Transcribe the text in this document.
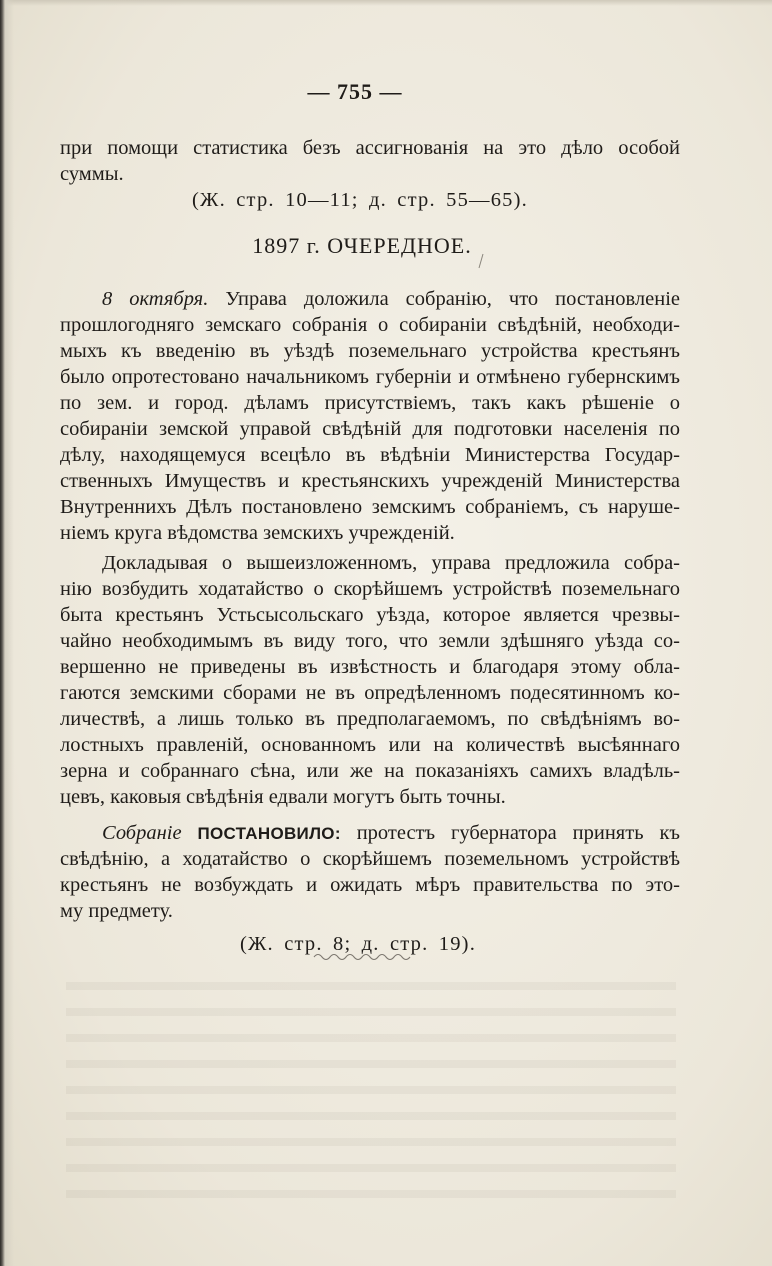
— 755 —
при помощи статистика безъ ассигнованія на это дѣло особой
суммы.
(Ж. стр. 10—11; д. стр. 55—65).
1897 г. ОЧЕРЕДНОЕ.
8 октября. Управа доложила собранію, что постановленіе
прошлогодняго земскаго собранія о собираніи свѣдѣній, необходи-
мыхъ къ введенію въ уѣздѣ поземельнаго устройства крестьянъ
было опротестовано начальникомъ губерніи и отмѣнено губернскимъ
по зем. и город. дѣламъ присутствіемъ, такъ какъ рѣшеніе о
собираніи земской управой свѣдѣній для подготовки населенія по
дѣлу, находящемуся всецѣло въ вѣдѣніи Министерства Государ-
ственныхъ Имуществъ и крестьянскихъ учрежденій Министерства
Внутреннихъ Дѣлъ постановлено земскимъ собраніемъ, съ наруше-
ніемъ круга вѣдомства земскихъ учрежденій.
Докладывая о вышеизложенномъ, управа предложила собра-
нію возбудить ходатайство о скорѣйшемъ устройствѣ поземельнаго
быта крестьянъ Устьсысольскаго уѣзда, которое является чрезвы-
чайно необходимымъ въ виду того, что земли здѣшняго уѣзда со-
вершенно не приведены въ извѣстность и благодаря этому обла-
гаются земскими сборами не въ опредѣленномъ подесятинномъ ко-
личествѣ, а лишь только въ предполагаемомъ, по свѣдѣніямъ во-
лостныхъ правленій, основанномъ или на количествѣ высѣяннаго
зерна и собраннаго сѣна, или же на показаніяхъ самихъ владѣль-
цевъ, каковыя свѣдѣнія едвали могутъ быть точны.
Собраніе ПОСТАНОВИЛО: протестъ губернатора принять къ
свѣдѣнію, а ходатайство о скорѣйшемъ поземельномъ устройствѣ
крестьянъ не возбуждать и ожидать мѣръ правительства по это-
му предмету.
(Ж. стр. 8; д. стр. 19).
